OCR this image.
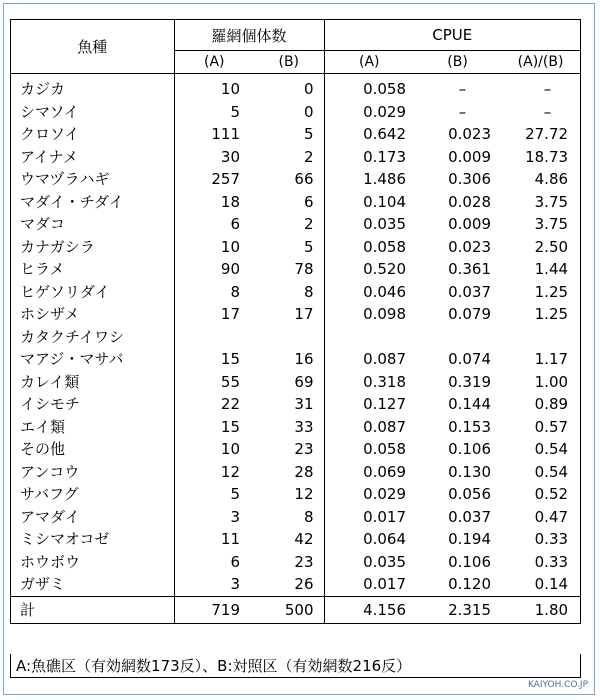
魚種	羅網個体数		CPUE		
	(A)	(B)	(A)	(B)	(A)/(B)
カジカ	10	0	0.058	–	–
シマソイ	5	0	0.029	–	–
クロソイ	111	5	0.642	0.023	27.72
アイナメ	30	2	0.173	0.009	18.73
ウマヅラハギ	257	66	1.486	0.306	4.86
マダイ・チダイ	18	6	0.104	0.028	3.75
マダコ	6	2	0.035	0.009	3.75
カナガシラ	10	5	0.058	0.023	2.50
ヒラメ	90	78	0.520	0.361	1.44
ヒゲソリダイ	8	8	0.046	0.037	1.25
ホシザメ	17	17	0.098	0.079	1.25
カタクチイワシ					
マアジ・マサバ	15	16	0.087	0.074	1.17
カレイ類	55	69	0.318	0.319	1.00
イシモチ	22	31	0.127	0.144	0.89
エイ類	15	33	0.087	0.153	0.57
その他	10	23	0.058	0.106	0.54
アンコウ	12	28	0.069	0.130	0.54
サバフグ	5	12	0.029	0.056	0.52
アマダイ	3	8	0.017	0.037	0.47
ミシマオコゼ	11	42	0.064	0.194	0.33
ホウボウ	6	23	0.035	0.106	0.33
ガザミ	3	26	0.017	0.120	0.14
計	719	500	4.156	2.315	1.80
A:魚礁区（有効網数173反）、B:対照区（有効網数216反）
KAIYOH.CO.JP
